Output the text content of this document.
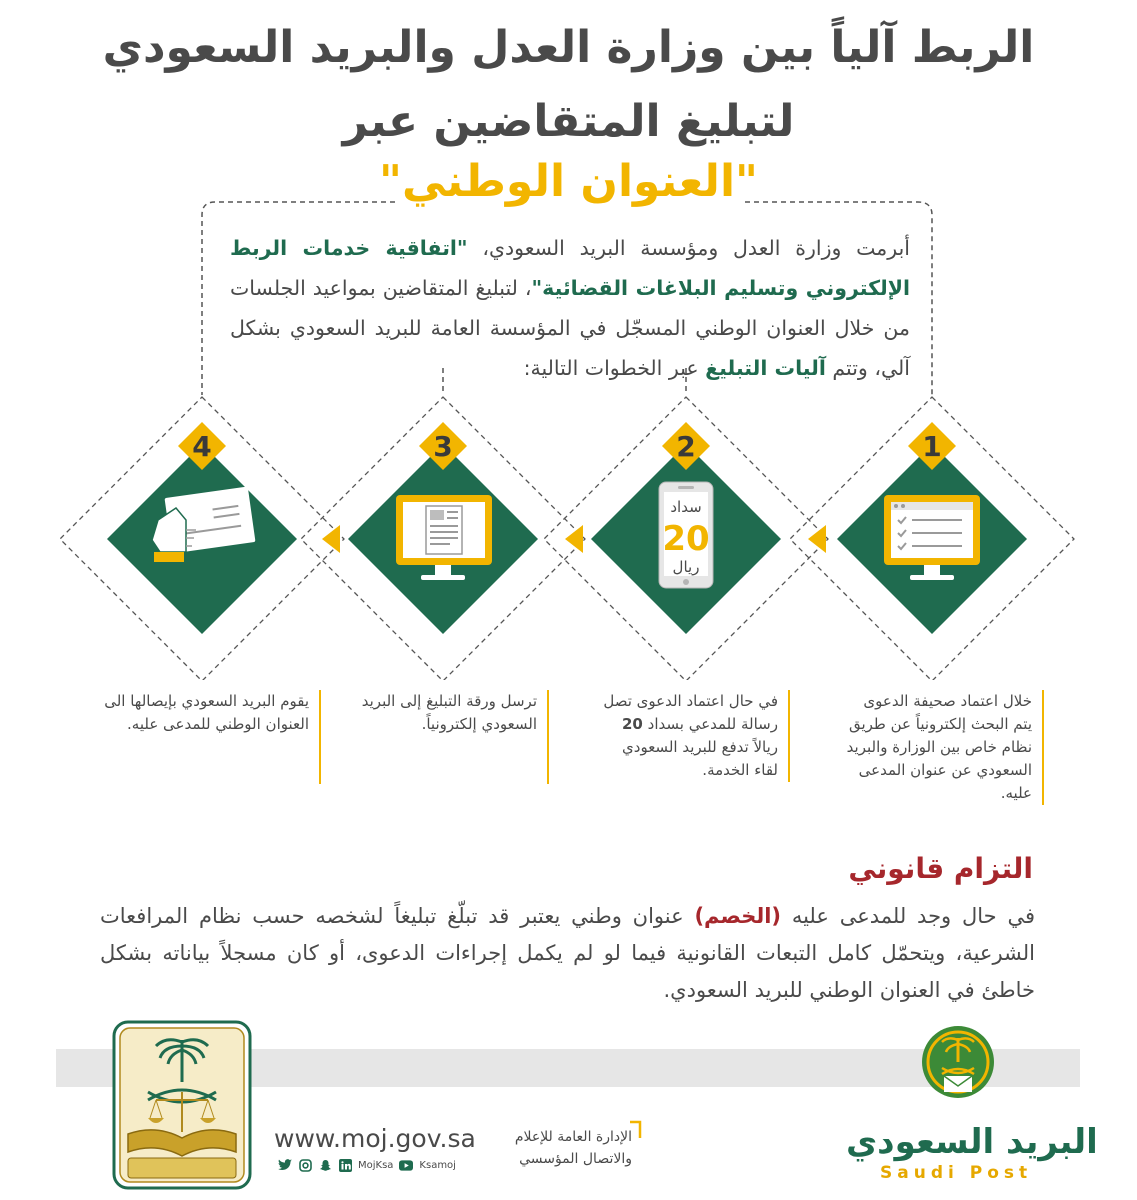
الربط آلياً بين وزارة العدل والبريد السعودي
لتبليغ المتقاضين عبر
"العنوان الوطني"
أبرمت وزارة العدل ومؤسسة البريد السعودي، "اتفاقية خدمات الربط الإلكتروني وتسليم البلاغات القضائية"، لتبليغ المتقاضين بمواعيد الجلسات من خلال العنوان الوطني المسجّل في المؤسسة العامة للبريد السعودي بشكل آلي، وتتم آليات التبليغ عبر الخطوات التالية:
4	3	2	1
سداد
20
ريال
خلال اعتماد صحيفة الدعوى يتم البحث إلكترونياً عن طريق نظام خاص بين الوزارة والبريد السعودي عن عنوان المدعى عليه.
في حال اعتماد الدعوى تصل رسالة للمدعي بسداد 20 ريالاً تدفع للبريد السعودي لقاء الخدمة.
ترسل ورقة التبليغ إلى البريد السعودي إلكترونياً.
يقوم البريد السعودي بإيصالها الى العنوان الوطني للمدعى عليه.
التزام قانوني
في حال وجد للمدعى عليه (الخصم) عنوان وطني يعتبر قد تبلّغ تبليغاً لشخصه حسب نظام المرافعات الشرعية، ويتحمّل كامل التبعات القانونية فيما لو لم يكمل إجراءات الدعوى، أو كان مسجلاً بياناته بشكل خاطئ في العنوان الوطني للبريد السعودي.
www.moj.gov.sa	الإدارة العامة للإعلام
والاتصال المؤسسي
MojKsa	Ksamoj
البريد السعودي
Saudi Post
